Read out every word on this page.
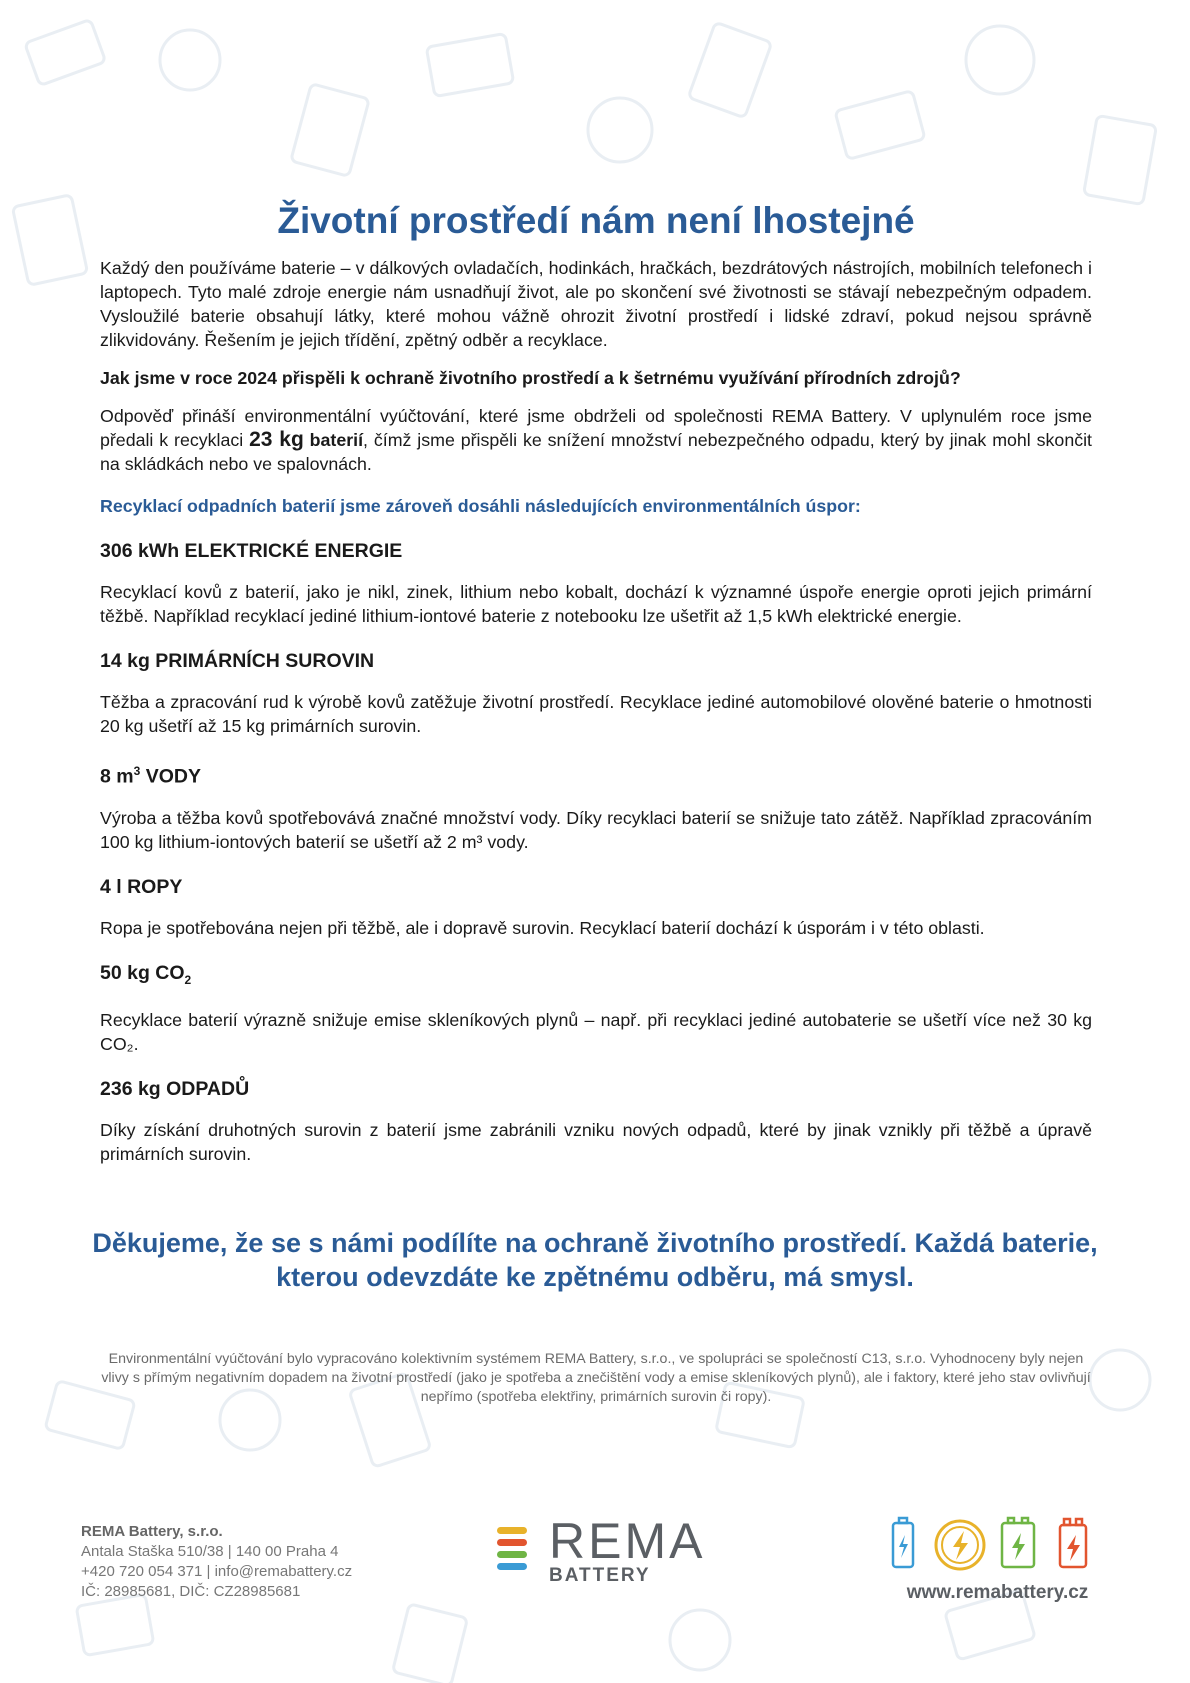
Životní prostředí nám není lhostejné

Každý den používáme baterie – v dálkových ovladačích, hodinkách, hračkách, bezdrátových nástrojích, mobilních telefonech i laptopech. Tyto malé zdroje energie nám usnadňují život, ale po skončení své životnosti se stávají nebezpečným odpadem. Vysloužilé baterie obsahují látky, které mohou vážně ohrozit životní prostředí i lidské zdraví, pokud nejsou správně zlikvidovány. Řešením je jejich třídění, zpětný odběr a recyklace.

Jak jsme v roce 2024 přispěli k ochraně životního prostředí a k šetrnému využívání přírodních zdrojů?

Odpověď přináší environmentální vyúčtování, které jsme obdrželi od společnosti REMA Battery. V uplynulém roce jsme předali k recyklaci 23 kg baterií, čímž jsme přispěli ke snížení množství nebezpečného odpadu, který by jinak mohl skončit na skládkách nebo ve spalovnách.

Recyklací odpadních baterií jsme zároveň dosáhli následujících environmentálních úspor:

306 kWh ELEKTRICKÉ ENERGIE

Recyklací kovů z baterií, jako je nikl, zinek, lithium nebo kobalt, dochází k významné úspoře energie oproti jejich primární těžbě. Například recyklací jediné lithium-iontové baterie z notebooku lze ušetřit až 1,5 kWh elektrické energie.

14 kg PRIMÁRNÍCH SUROVIN

Těžba a zpracování rud k výrobě kovů zatěžuje životní prostředí. Recyklace jediné automobilové olověné baterie o hmotnosti 20 kg ušetří až 15 kg primárních surovin.

8 $m^3$ VODY

Výroba a těžba kovů spotřebovává značné množství vody. Díky recyklaci baterií se snižuje tato zátěž. Například zpracováním 100 kg lithium-iontových baterií se ušetří až 2 m³ vody.

4 l ROPY

Ropa je spotřebována nejen při těžbě, ale i dopravě surovin. Recyklací baterií dochází k úsporám i v této oblasti.

50 kg $CO_2$

Recyklace baterií výrazně snižuje emise skleníkových plynů – např. při recyklaci jediné autobaterie se ušetří více než 30 kg CO₂.

236 kg ODPADŮ

Díky získání druhotných surovin z baterií jsme zabránili vzniku nových odpadů, které by jinak vznikly při těžbě a úpravě primárních surovin.

Děkujeme, že se s námi podílíte na ochraně životního prostředí. Každá baterie, kterou odevzdáte ke zpětnému odběru, má smysl.
Environmentální vyúčtování bylo vypracováno kolektivním systémem REMA Battery, s.r.o., ve spolupráci se společností C13, s.r.o. Vyhodnoceny byly nejen vlivy s přímým negativním dopadem na životní prostředí (jako je spotřeba a znečištění vody a emise skleníkových plynů), ale i faktory, které jeho stav ovlivňují nepřímo (spotřeba elektřiny, primárních surovin či ropy).
REMA Battery, s.r.o.
Antala Staška 510/38 | 140 00 Praha 4
+420 720 054 371 | info@remabattery.cz
IČ: 28985681, DIČ: CZ28985681
REMA
BATTERY
www.remabattery.cz
